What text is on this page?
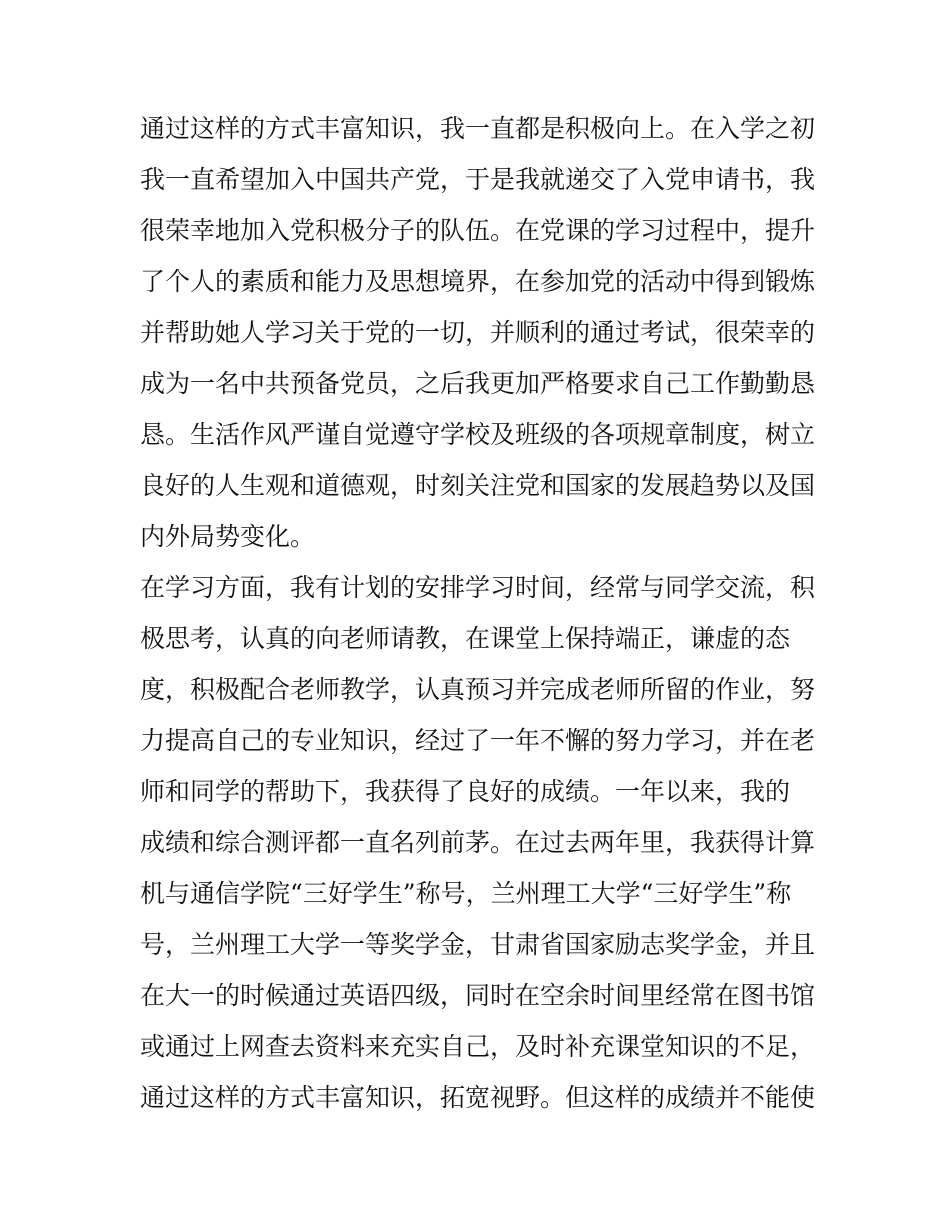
通过这样的方式丰富知识，我一直都是积极向上。在入学之初
我一直希望加入中国共产党，于是我就递交了入党申请书，我
很荣幸地加入党积极分子的队伍。在党课的学习过程中，提升
了个人的素质和能力及思想境界，在参加党的活动中得到锻炼
并帮助她人学习关于党的一切，并顺利的通过考试，很荣幸的
成为一名中共预备党员，之后我更加严格要求自己工作勤勤恳
恳。生活作风严谨自觉遵守学校及班级的各项规章制度，树立
良好的人生观和道德观，时刻关注党和国家的发展趋势以及国
内外局势变化。
在学习方面，我有计划的安排学习时间，经常与同学交流，积
极思考，认真的向老师请教，在课堂上保持端正，谦虚的态
度，积极配合老师教学，认真预习并完成老师所留的作业，努
力提高自己的专业知识，经过了一年不懈的努力学习，并在老
师和同学的帮助下，我获得了良好的成绩。一年以来，我的
成绩和综合测评都一直名列前茅。在过去两年里，我获得计算
机与通信学院“三好学生”称号，兰州理工大学“三好学生”称
号，兰州理工大学一等奖学金，甘肃省国家励志奖学金，并且
在大一的时候通过英语四级，同时在空余时间里经常在图书馆
或通过上网查去资料来充实自己，及时补充课堂知识的不足，
通过这样的方式丰富知识，拓宽视野。但这样的成绩并不能使
